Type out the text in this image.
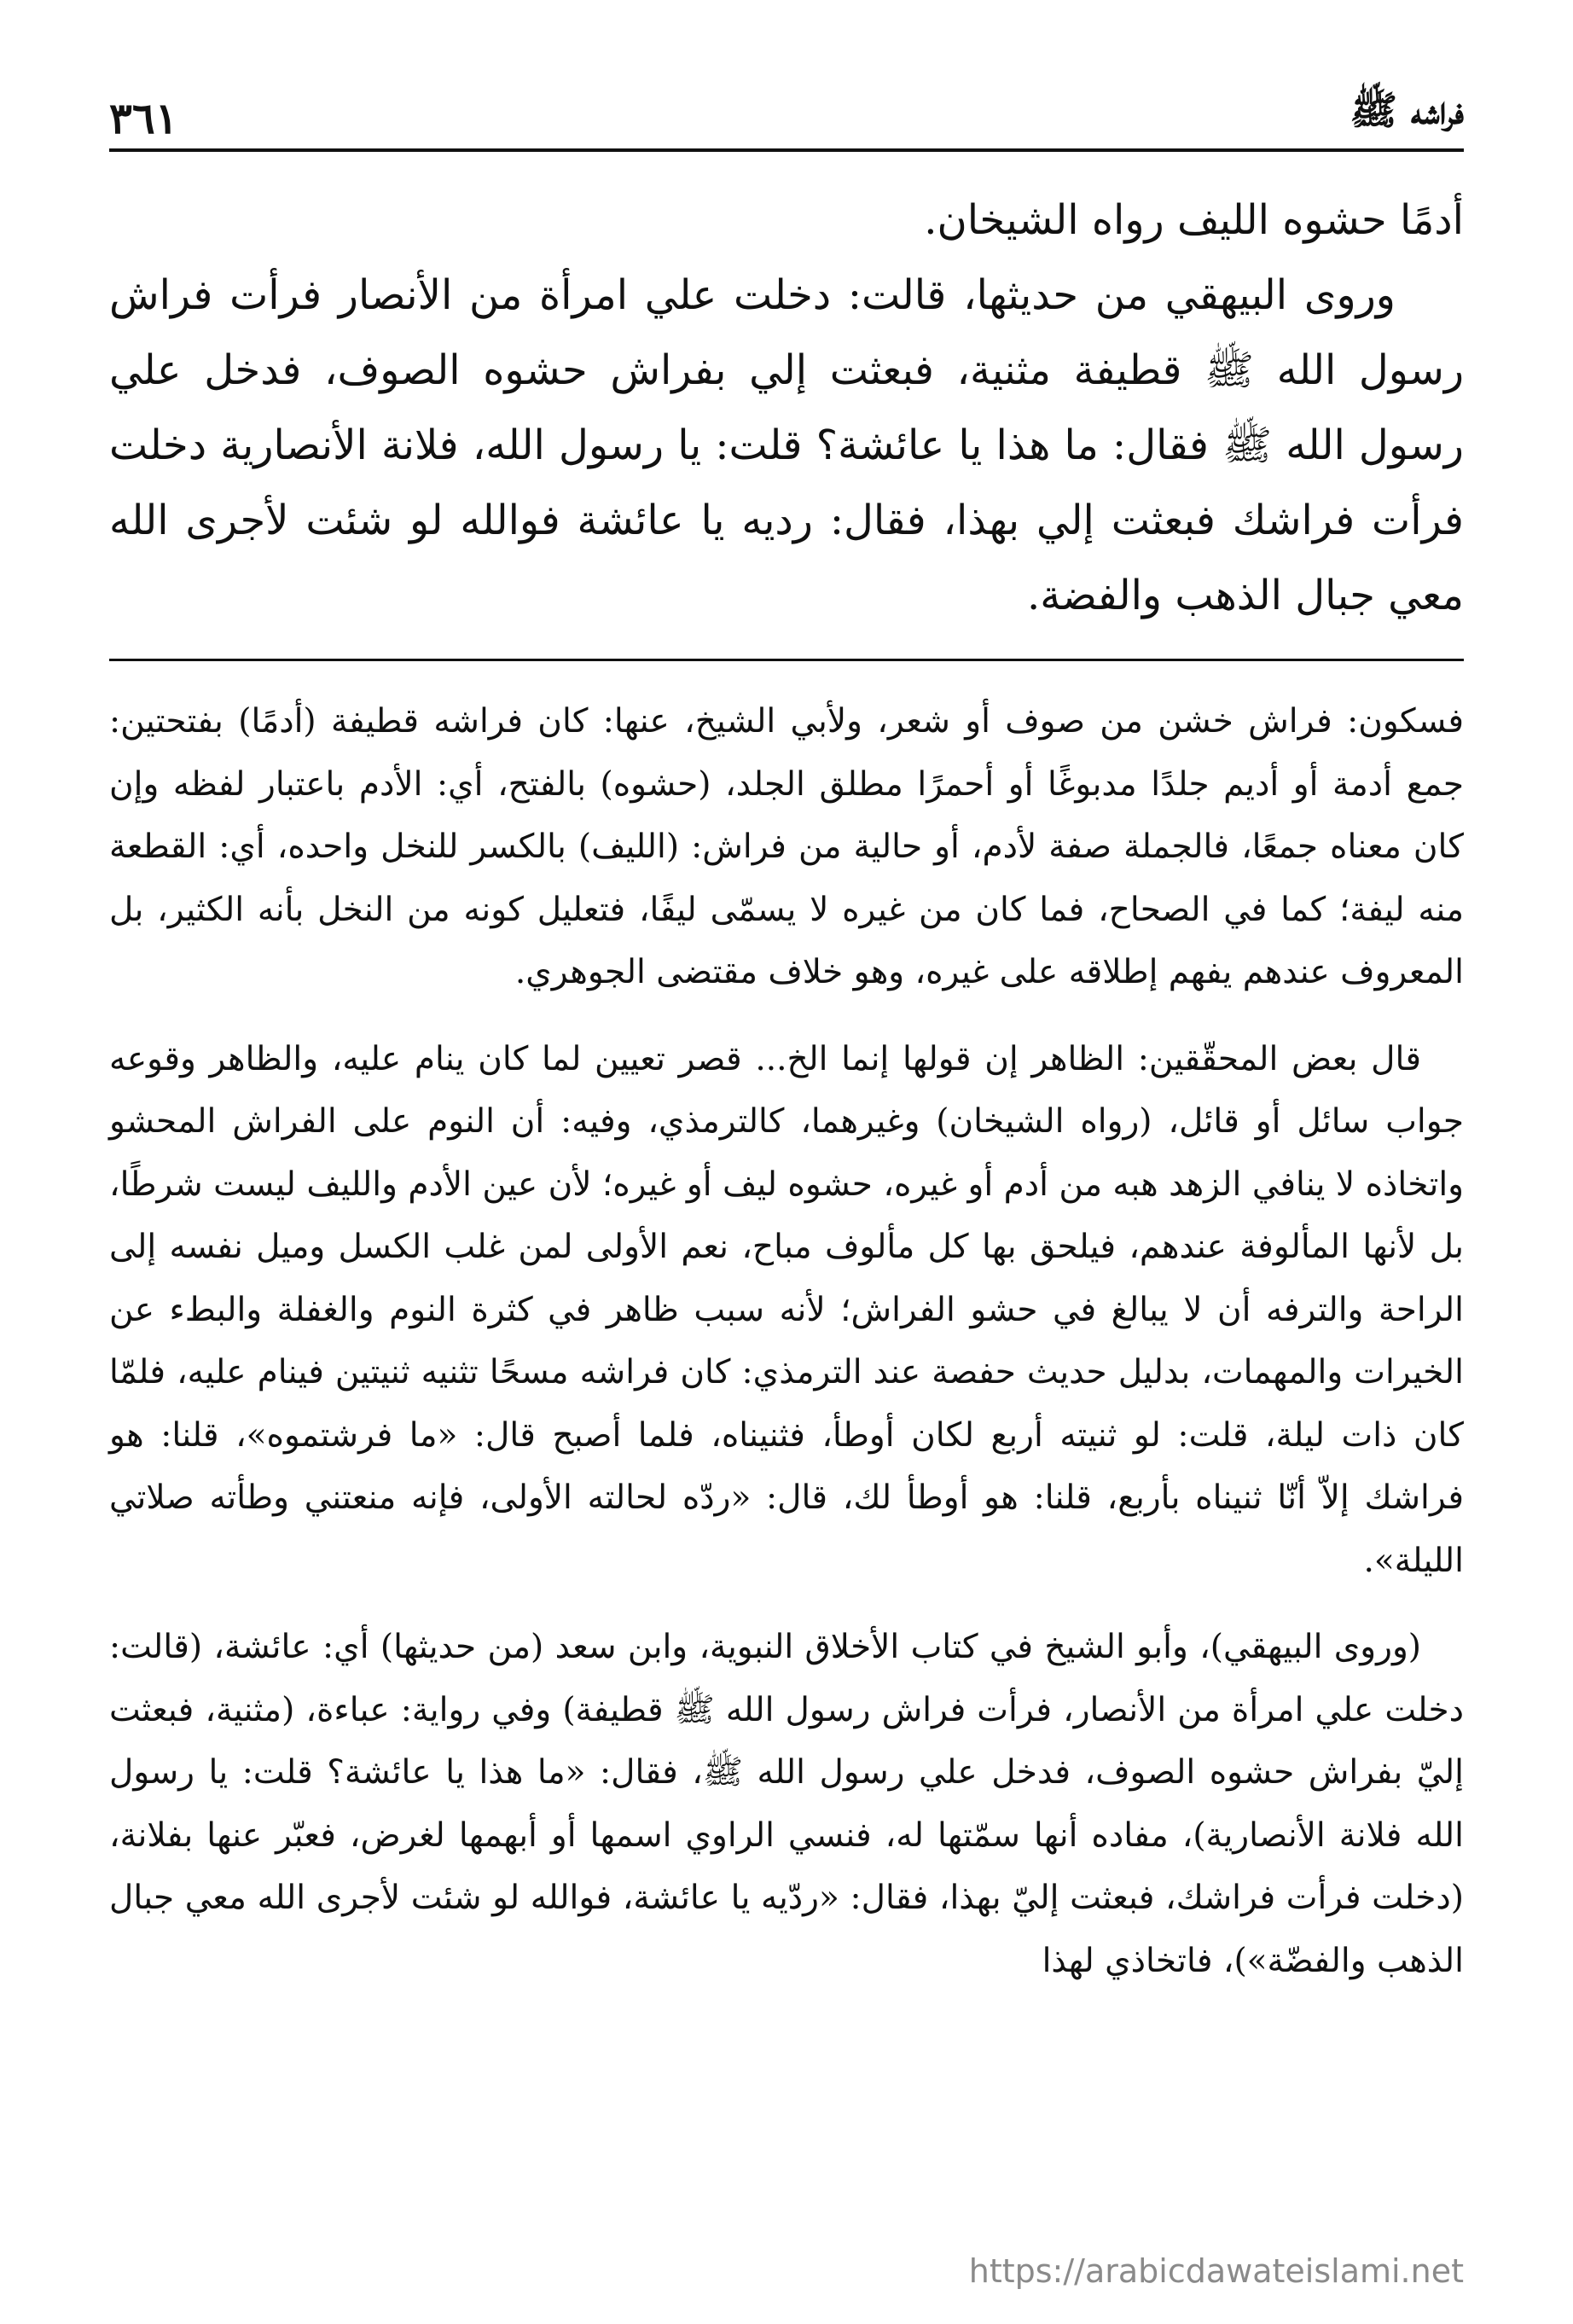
فراشه ﷺ
٣٦١

أدمًا حشوه الليف رواه الشيخان.

وروى البيهقي من حديثها، قالت: دخلت علي امرأة من الأنصار فرأت فراش رسول الله ﷺ قطيفة مثنية، فبعثت إلي بفراش حشوه الصوف، فدخل علي رسول الله ﷺ فقال: ما هذا يا عائشة؟ قلت: يا رسول الله، فلانة الأنصارية دخلت فرأت فراشك فبعثت إلي بهذا، فقال: رديه يا عائشة فوالله لو شئت لأجرى الله معي جبال الذهب والفضة.

فسكون: فراش خشن من صوف أو شعر، ولأبي الشيخ، عنها: كان فراشه قطيفة (أدمًا) بفتحتين: جمع أدمة أو أديم جلدًا مدبوغًا أو أحمرًا مطلق الجلد، (حشوه) بالفتح، أي: الأدم باعتبار لفظه وإن كان معناه جمعًا، فالجملة صفة لأدم، أو حالية من فراش: (الليف) بالكسر للنخل واحده، أي: القطعة منه ليفة؛ كما في الصحاح، فما كان من غيره لا يسمّى ليفًا، فتعليل كونه من النخل بأنه الكثير، بل المعروف عندهم يفهم إطلاقه على غيره، وهو خلاف مقتضى الجوهري.

قال بعض المحقّقين: الظاهر إن قولها إنما الخ... قصر تعيين لما كان ينام عليه، والظاهر وقوعه جواب سائل أو قائل، (رواه الشيخان) وغيرهما، كالترمذي، وفيه: أن النوم على الفراش المحشو واتخاذه لا ينافي الزهد هبه من أدم أو غيره، حشوه ليف أو غيره؛ لأن عين الأدم والليف ليست شرطًا، بل لأنها المألوفة عندهم، فيلحق بها كل مألوف مباح، نعم الأولى لمن غلب الكسل وميل نفسه إلى الراحة والترفه أن لا يبالغ في حشو الفراش؛ لأنه سبب ظاهر في كثرة النوم والغفلة والبطء عن الخيرات والمهمات، بدليل حديث حفصة عند الترمذي: كان فراشه مسحًا تثنيه ثنيتين فينام عليه، فلمّا كان ذات ليلة، قلت: لو ثنيته أربع لكان أوطأ، فثنيناه، فلما أصبح قال: «ما فرشتموه»، قلنا: هو فراشك إلاّ أنّا ثنيناه بأربع، قلنا: هو أوطأ لك، قال: «ردّه لحالته الأولى، فإنه منعتني وطأته صلاتي الليلة».

(وروى البيهقي)، وأبو الشيخ في كتاب الأخلاق النبوية، وابن سعد (من حديثها) أي: عائشة، (قالت: دخلت علي امرأة من الأنصار، فرأت فراش رسول الله ﷺ قطيفة) وفي رواية: عباءة، (مثنية، فبعثت إليّ بفراش حشوه الصوف، فدخل علي رسول الله ﷺ، فقال: «ما هذا يا عائشة؟ قلت: يا رسول الله فلانة الأنصارية)، مفاده أنها سمّتها له، فنسي الراوي اسمها أو أبهمها لغرض، فعبّر عنها بفلانة، (دخلت فرأت فراشك، فبعثت إليّ بهذا، فقال: «ردّيه يا عائشة، فوالله لو شئت لأجرى الله معي جبال الذهب والفضّة»)، فاتخاذي لهذا

https://arabicdawateislami.net
